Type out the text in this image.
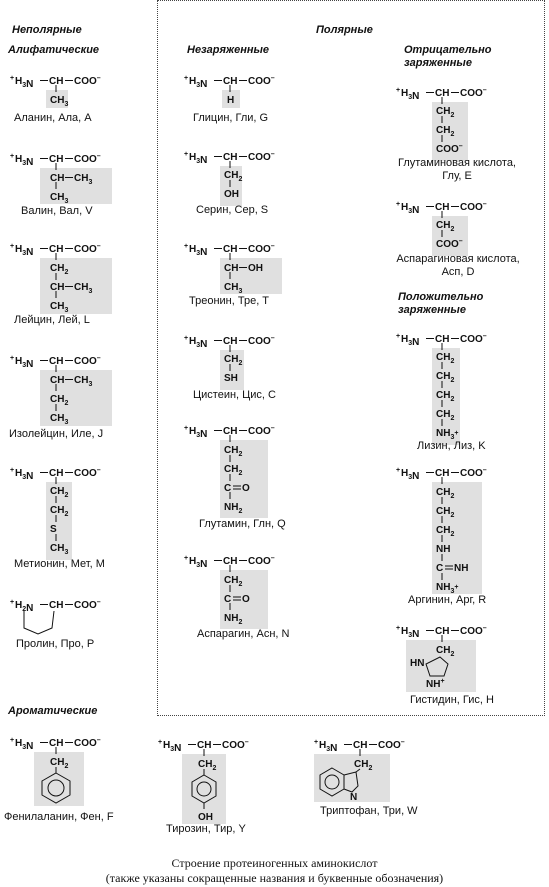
Неполярные
Алифатические
Полярные
Незаряженные	Отрицательно
заряженные
Положительно
заряженные
Ароматические
+ $H_3N$ CH COO–
$CH_3$
+ $H_3N$ CH COO–
CH $CH_3$
$CH_3$
+ $H_3N$ CH COO–
$CH_2$
CH $CH_3$
$CH_3$
+ $H_3N$ CH COO–
CH $CH_3$
$CH_2$
$CH_3$
+ $H_3N$ CH COO–
$CH_2$
$CH_2$
S
$CH_3$
+ $H_2N$ CH COO–
+ $H_3N$ CH COO–
H
+ $H_3N$ CH COO–
$CH_2$
OH
+ $H_3N$ CH COO–
CH OH
$CH_3$
+ $H_3N$ CH COO–
$CH_2$
SH
+ $H_3N$ CH COO–
$CH_2$
$CH_2$
C O
$NH_2$
+ $H_3N$ CH COO–
$CH_2$
C O
$NH_2$
+ $H_3N$ CH COO–
$CH_2$
$CH_2$
COO–
+ $H_3N$ CH COO–
$CH_2$
COO–
+ $H_3N$ CH COO–
$CH_2$
$CH_2$
$CH_2$
$CH_2$
$NH_3^+$
+ $H_3N$ CH COO–
$CH_2$
$CH_2$
$CH_2$
NH
C NH
$NH_3^+$
+ $H_3N$ CH COO–
$CH_2$
HN
NH+
+ $H_3N$ CH COO–
$CH_2$
+ $H_3N$ CH COO–
$CH_2$
OH
+ $H_3N$ CH COO–
$CH_2$
N
Аланин, Ала, A
Валин, Вал, V
Лейцин, Лей, L
Изолейцин, Иле, J
Метионин, Мет, M
Пролин, Про, P
Глицин, Гли, G
Серин, Сер, S
Треонин, Тре, T
Цистеин, Цис, C
Глутамин, Глн, Q
Аспарагин, Асн, N
Глутаминовая кислота,
Глу, E
Аспарагиновая кислота,
Асп, D
Лизин, Лиз, K
Аргинин, Арг, R
Гистидин, Гис, H
Фенилаланин, Фен, F
Тирозин, Тир, Y
Триптофан, Три, W
Строение протеиногенных аминокислот
(также указаны сокращенные названия и буквенные обозначения)
